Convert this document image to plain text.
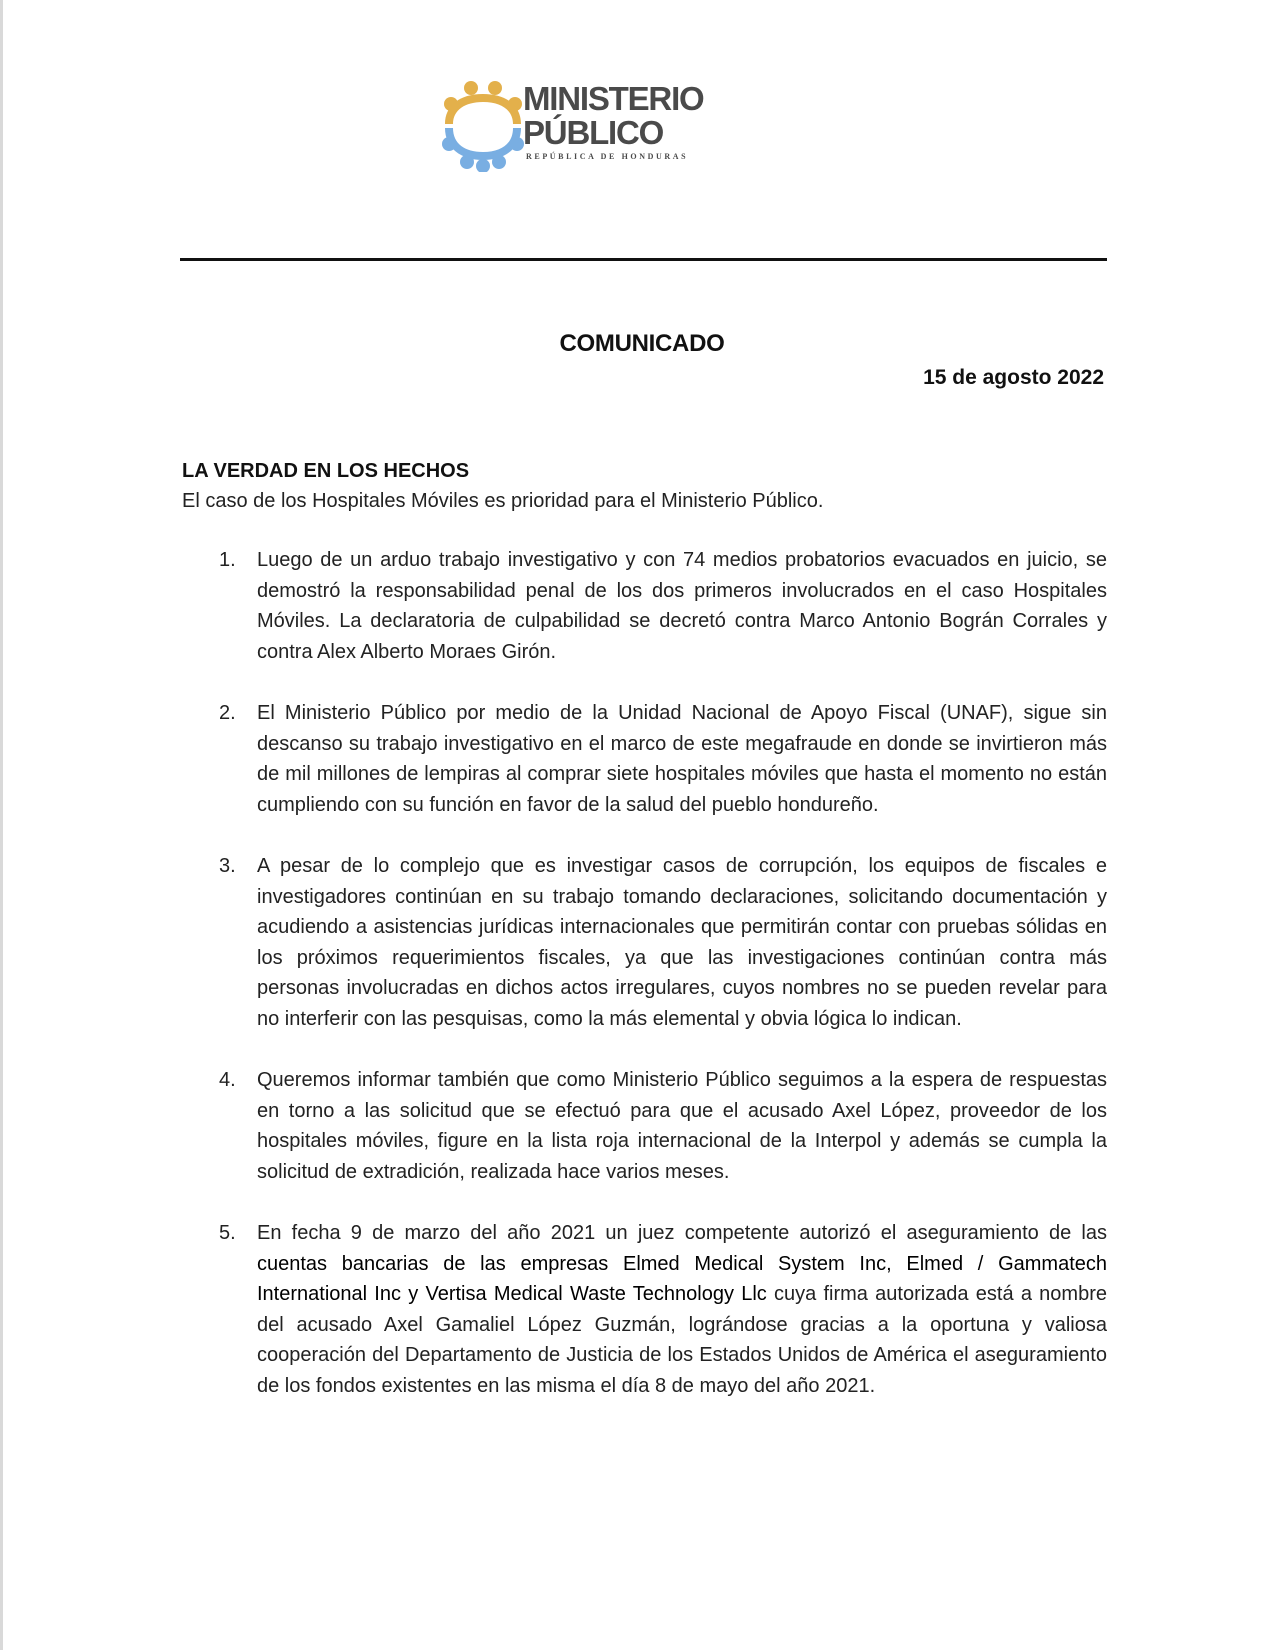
MINISTERIO
PÚBLICO
REPÚBLICA DE HONDURAS
COMUNICADO
15 de agosto 2022
LA VERDAD EN LOS HECHOS
El caso de los Hospitales Móviles es prioridad para el Ministerio Público.
1. Luego de un arduo trabajo investigativo y con 74 medios probatorios evacuados en juicio, se demostró la responsabilidad penal de los dos primeros involucrados en el caso Hospitales Móviles. La declaratoria de culpabilidad se decretó contra Marco Antonio Bográn Corrales y contra Alex Alberto Moraes Girón.
2. El Ministerio Público por medio de la Unidad Nacional de Apoyo Fiscal (UNAF), sigue sin descanso su trabajo investigativo en el marco de este megafraude en donde se invirtieron más de mil millones de lempiras al comprar siete hospitales móviles que hasta el momento no están cumpliendo con su función en favor de la salud del pueblo hondureño.
3. A pesar de lo complejo que es investigar casos de corrupción, los equipos de fiscales e investigadores continúan en su trabajo tomando declaraciones, solicitando documentación y acudiendo a asistencias jurídicas internacionales que permitirán contar con pruebas sólidas en los próximos requerimientos fiscales, ya que las investigaciones continúan contra más personas involucradas en dichos actos irregulares, cuyos nombres no se pueden revelar para no interferir con las pesquisas, como la más elemental y obvia lógica lo indican.
4. Queremos informar también que como Ministerio Público seguimos a la espera de respuestas en torno a las solicitud que se efectuó para que el acusado Axel López, proveedor de los hospitales móviles, figure en la lista roja internacional de la Interpol y además se cumpla la solicitud de extradición, realizada hace varios meses.
5. En fecha 9 de marzo del año 2021 un juez competente autorizó el aseguramiento de las cuentas bancarias de las empresas Elmed Medical System Inc, Elmed / Gammatech International Inc y Vertisa Medical Waste Technology Llc cuya firma autorizada está a nombre del acusado Axel Gamaliel López Guzmán, lográndose gracias a la oportuna y valiosa cooperación del Departamento de Justicia de los Estados Unidos de América el aseguramiento de los fondos existentes en las misma el día 8 de mayo del año 2021.
